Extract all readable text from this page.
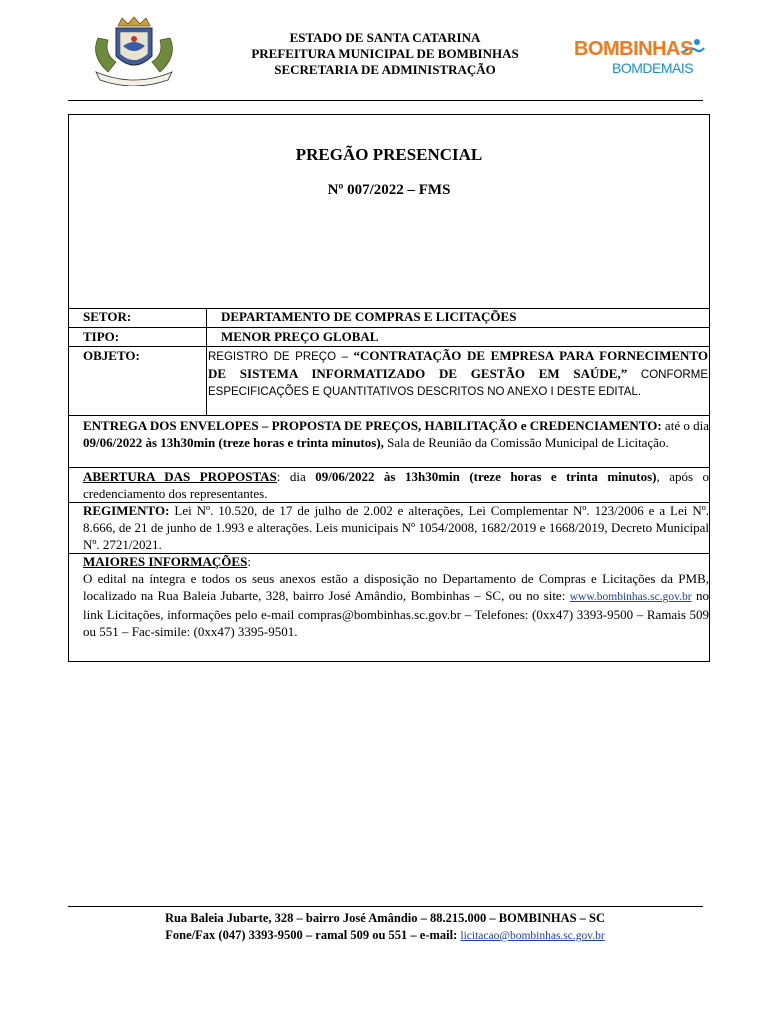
ESTADO DE SANTA CATARINA
PREFEITURA MUNICIPAL DE BOMBINHAS
SECRETARIA DE ADMINISTRAÇÃO
BOMBINHAS
BOMDEMAIS
PREGÃO PRESENCIAL
Nº 007/2022 – FMS
SETOR:	DEPARTAMENTO DE COMPRAS E LICITAÇÕES
TIPO:	MENOR PREÇO GLOBAL
OBJETO:	REGISTRO DE PREÇO – “CONTRATAÇÃO DE EMPRESA PARA FORNECIMENTO DE SISTEMA INFORMATIZADO DE GESTÃO EM SAÚDE,” CONFORME ESPECIFICAÇÕES E QUANTITATIVOS DESCRITOS NO ANEXO I DESTE EDITAL.
ENTREGA DOS ENVELOPES – PROPOSTA DE PREÇOS, HABILITAÇÃO e CREDENCIAMENTO: até o dia 09/06/2022 às 13h30min (treze horas e trinta minutos), Sala de Reunião da Comissão Municipal de Licitação.
ABERTURA DAS PROPOSTAS: dia 09/06/2022 às 13h30min (treze horas e trinta minutos), após o credenciamento dos representantes.
REGIMENTO: Lei Nº. 10.520, de 17 de julho de 2.002 e alterações, Lei Complementar Nº. 123/2006 e a Lei Nº. 8.666, de 21 de junho de 1.993 e alterações. Leis municipais Nº 1054/2008, 1682/2019 e 1668/2019, Decreto Municipal Nº. 2721/2021.
MAIORES INFORMAÇÕES:
O edital na íntegra e todos os seus anexos estão a disposição no Departamento de Compras e Licitações da PMB, localizado na Rua Baleia Jubarte, 328, bairro José Amândio, Bombinhas – SC, ou no site: www.bombinhas.sc.gov.br no link Licitações, informações pelo e-mail compras@bombinhas.sc.gov.br – Telefones: (0xx47) 3393-9500 – Ramais 509 ou 551 – Fac-simile: (0xx47) 3395-9501.
Rua Baleia Jubarte, 328 – bairro José Amândio – 88.215.000 – BOMBINHAS – SC
Fone/Fax (047) 3393-9500 – ramal 509 ou 551 – e-mail: licitacao@bombinhas.sc.gov.br
